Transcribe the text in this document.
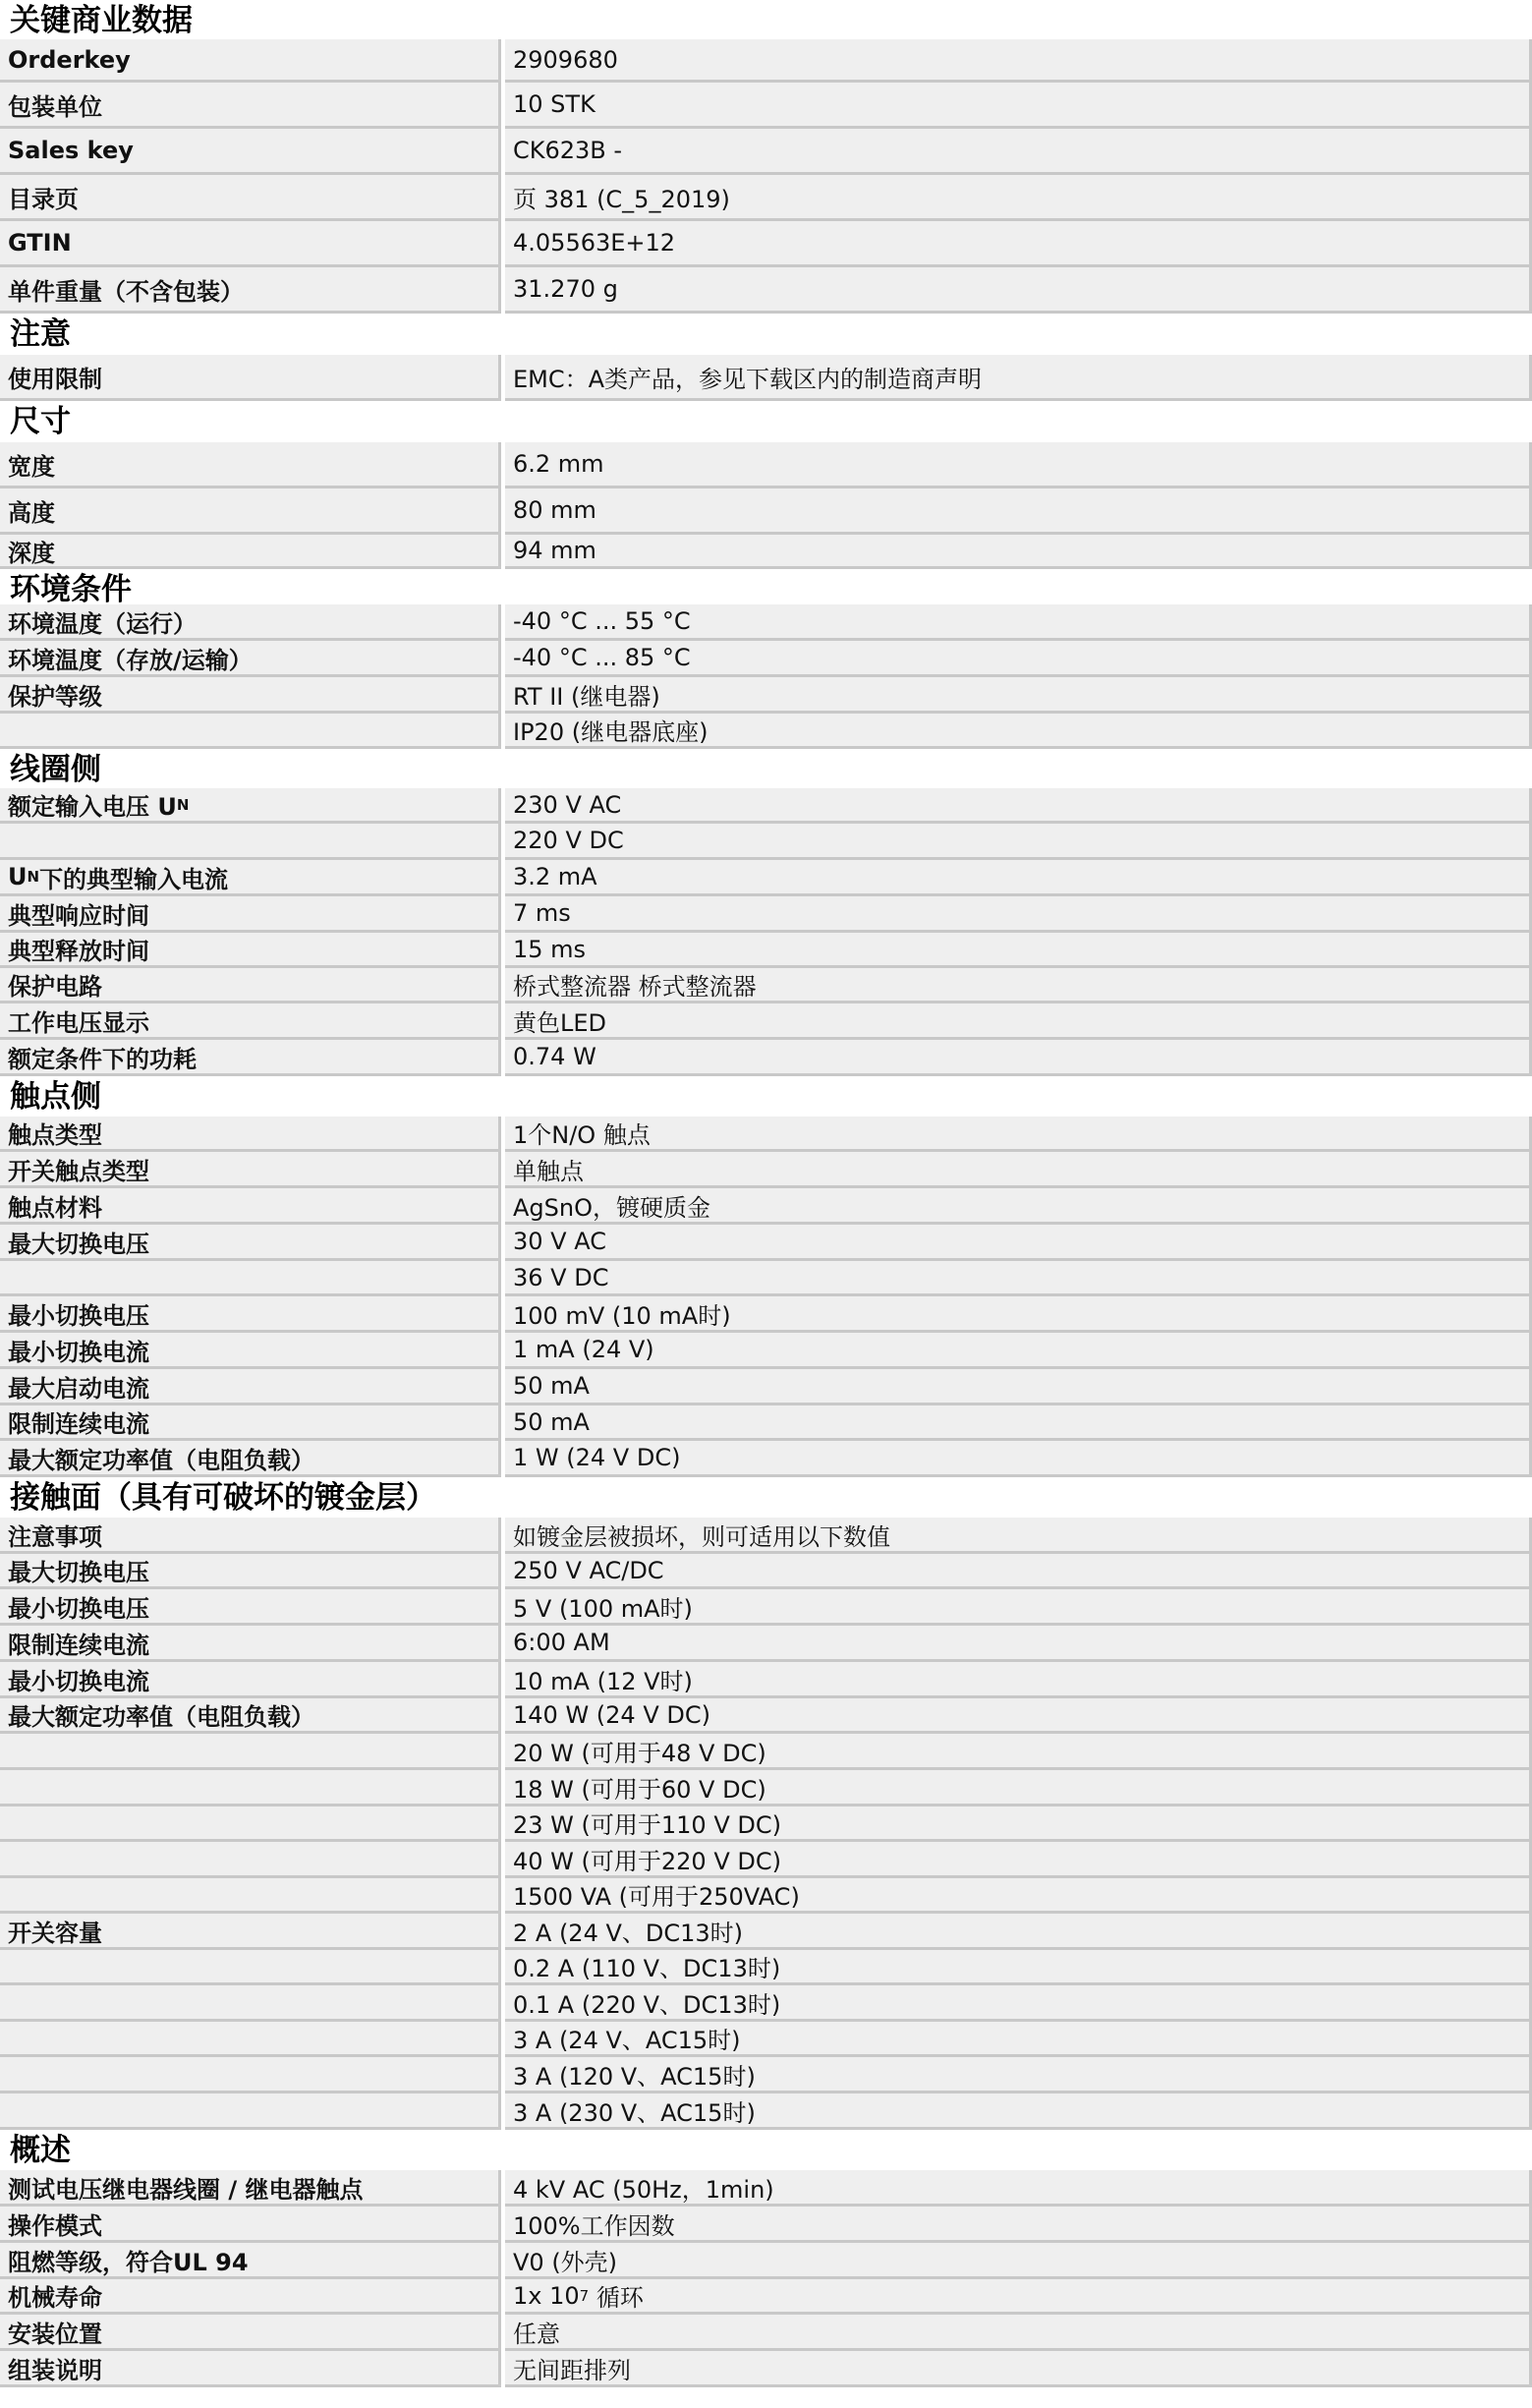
关键商业数据
Orderkey	2909680
包装单位	10 STK
Sales key	CK623B -
目录页	页 381 (C_5_2019)
GTIN	4.05563E+12
单件重量（不含包装）	31.270 g
注意
使用限制	EMC：A类产品，参见下载区内的制造商声明
尺寸
宽度	6.2 mm
高度	80 mm
深度	94 mm
环境条件
环境温度（运行）	-40 °C ... 55 °C
环境温度（存放/运输）	-40 °C ... 85 °C
保护等级	RT II (继电器)
IP20 (继电器底座)
线圈侧
额定输入电压 U N	230 V AC
220 V DC
U N 下的典型输入电流	3.2 mA
典型响应时间	7 ms
典型释放时间	15 ms
保护电路	桥式整流器 桥式整流器
工作电压显示	黄色LED
额定条件下的功耗	0.74 W
触点侧
触点类型	1个N/O 触点
开关触点类型	单触点
触点材料	AgSnO，镀硬质金
最大切换电压	30 V AC
36 V DC
最小切换电压	100 mV (10 mA时)
最小切换电流	1 mA (24 V)
最大启动电流	50 mA
限制连续电流	50 mA
最大额定功率值（电阻负载）	1 W (24 V DC)
接触面（具有可破坏的镀金层）
注意事项	如镀金层被损坏，则可适用以下数值
最大切换电压	250 V AC/DC
最小切换电压	5 V (100 mA时)
限制连续电流	6:00 AM
最小切换电流	10 mA (12 V时)
最大额定功率值（电阻负载）	140 W (24 V DC)
20 W (可用于48 V DC)
18 W (可用于60 V DC)
23 W (可用于110 V DC)
40 W (可用于220 V DC)
1500 VA (可用于250VAC)
开关容量	2 A (24 V、DC13时)
0.2 A (110 V、DC13时)
0.1 A (220 V、DC13时)
3 A (24 V、AC15时)
3 A (120 V、AC15时)
3 A (230 V、AC15时)
概述
测试电压继电器线圈 / 继电器触点	4 kV AC (50Hz，1min)
操作模式	100%工作因数
阻燃等级，符合UL 94	V0 (外壳)
机械寿命	1x 10 7 循环
安装位置	任意
组装说明	无间距排列
